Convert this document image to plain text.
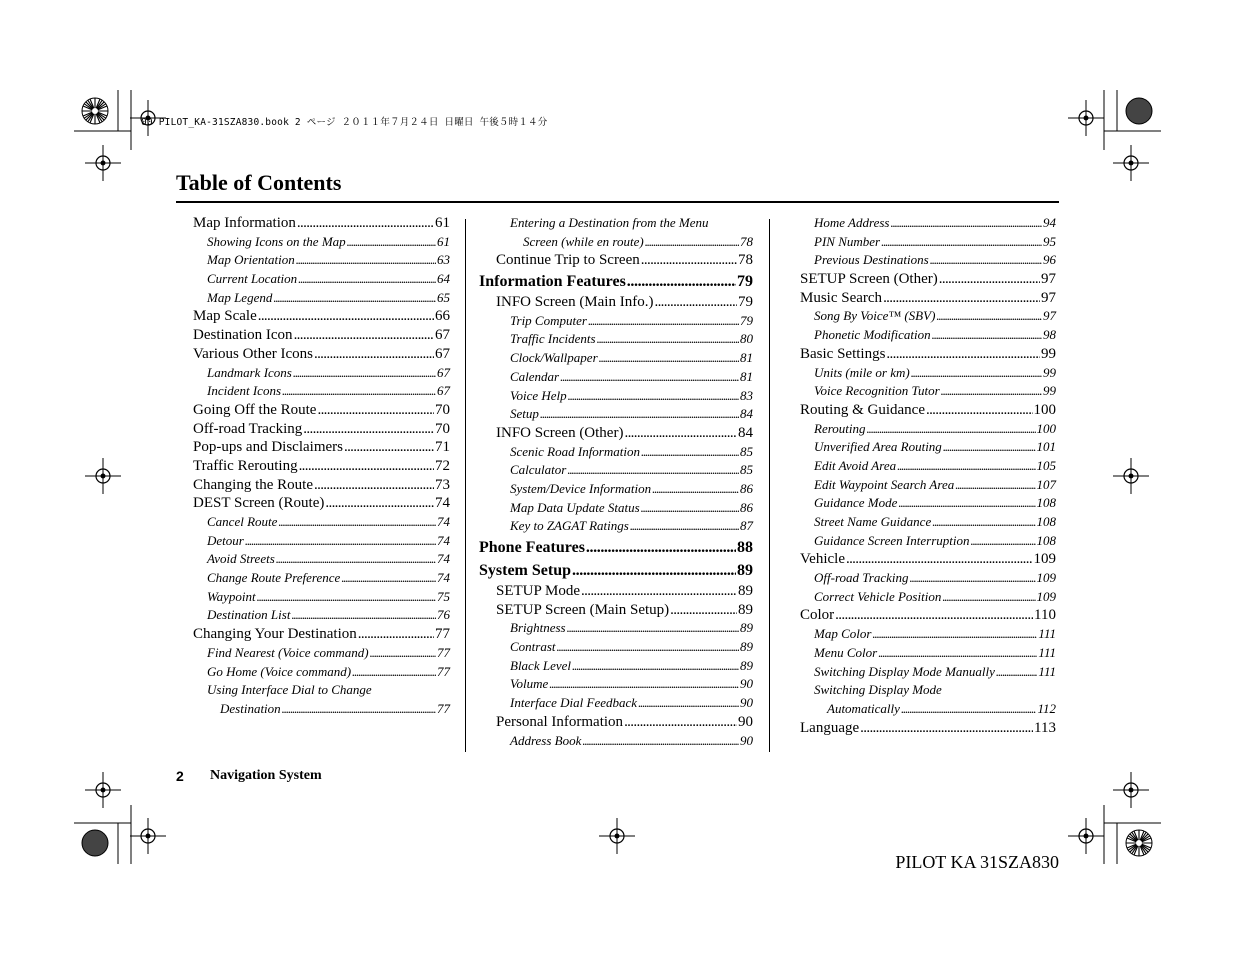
00 PILOT_KA-31SZA830.book 2 ページ ２０１１年７月２４日 日曜日 午後５時１４分
Table of Contents
Map Information . . .	61
Showing Icons on the Map . . .	61
Map Orientation . . .	63
Current Location . . .	64
Map Legend . . .	65
Map Scale . . .	66
Destination Icon . . .	67
Various Other Icons . . .	67
Landmark Icons . . .	67
Incident Icons . . .	67
Going Off the Route . . .	70
Off-road Tracking . . .	70
Pop-ups and Disclaimers . . .	71
Traffic Rerouting . . .	72
Changing the Route . . .	73
DEST Screen (Route) . . .	74
Cancel Route . . .	74
Detour . . .	74
Avoid Streets . . .	74
Change Route Preference . . .	74
Waypoint . . .	75
Destination List . . .	76
Changing Your Destination . . .	77
Find Nearest (Voice command) . . .	77
Go Home (Voice command) . . .	77
Using Interface Dial to Change
Destination . . .	77
Entering a Destination from the Menu
Screen (while en route) . . .	78
Continue Trip to Screen . . .	78
Information Features . . .	79
INFO Screen (Main Info.) . . .	79
Trip Computer . . .	79
Traffic Incidents . . .	80
Clock/Wallpaper . . .	81
Calendar . . .	81
Voice Help . . .	83
Setup . . .	84
INFO Screen (Other) . . .	84
Scenic Road Information . . .	85
Calculator . . .	85
System/Device Information . . .	86
Map Data Update Status . . .	86
Key to ZAGAT Ratings . . .	87
Phone Features . . .	88
System Setup . . .	89
SETUP Mode . . .	89
SETUP Screen (Main Setup) . . .	89
Brightness . . .	89
Contrast . . .	89
Black Level . . .	89
Volume . . .	90
Interface Dial Feedback . . .	90
Personal Information . . .	90
Address Book . . .	90
Home Address . . .	94
PIN Number . . .	95
Previous Destinations . . .	96
SETUP Screen (Other) . . .	97
Music Search . . .	97
Song By Voice™ (SBV) . . .	97
Phonetic Modification . . .	98
Basic Settings . . .	99
Units (mile or km) . . .	99
Voice Recognition Tutor . . .	99
Routing & Guidance . . .	100
Rerouting . . .	100
Unverified Area Routing . . .	101
Edit Avoid Area . . .	105
Edit Waypoint Search Area . . .	107
Guidance Mode . . .	108
Street Name Guidance . . .	108
Guidance Screen Interruption . . .	108
Vehicle . . .	109
Off-road Tracking . . .	109
Correct Vehicle Position . . .	109
Color . . .	110
Map Color . . .	111
Menu Color . . .	111
Switching Display Mode Manually . . .	111
Switching Display Mode
Automatically . . .	112
Language . . .	113
2 Navigation System
PILOT KA 31SZA830
